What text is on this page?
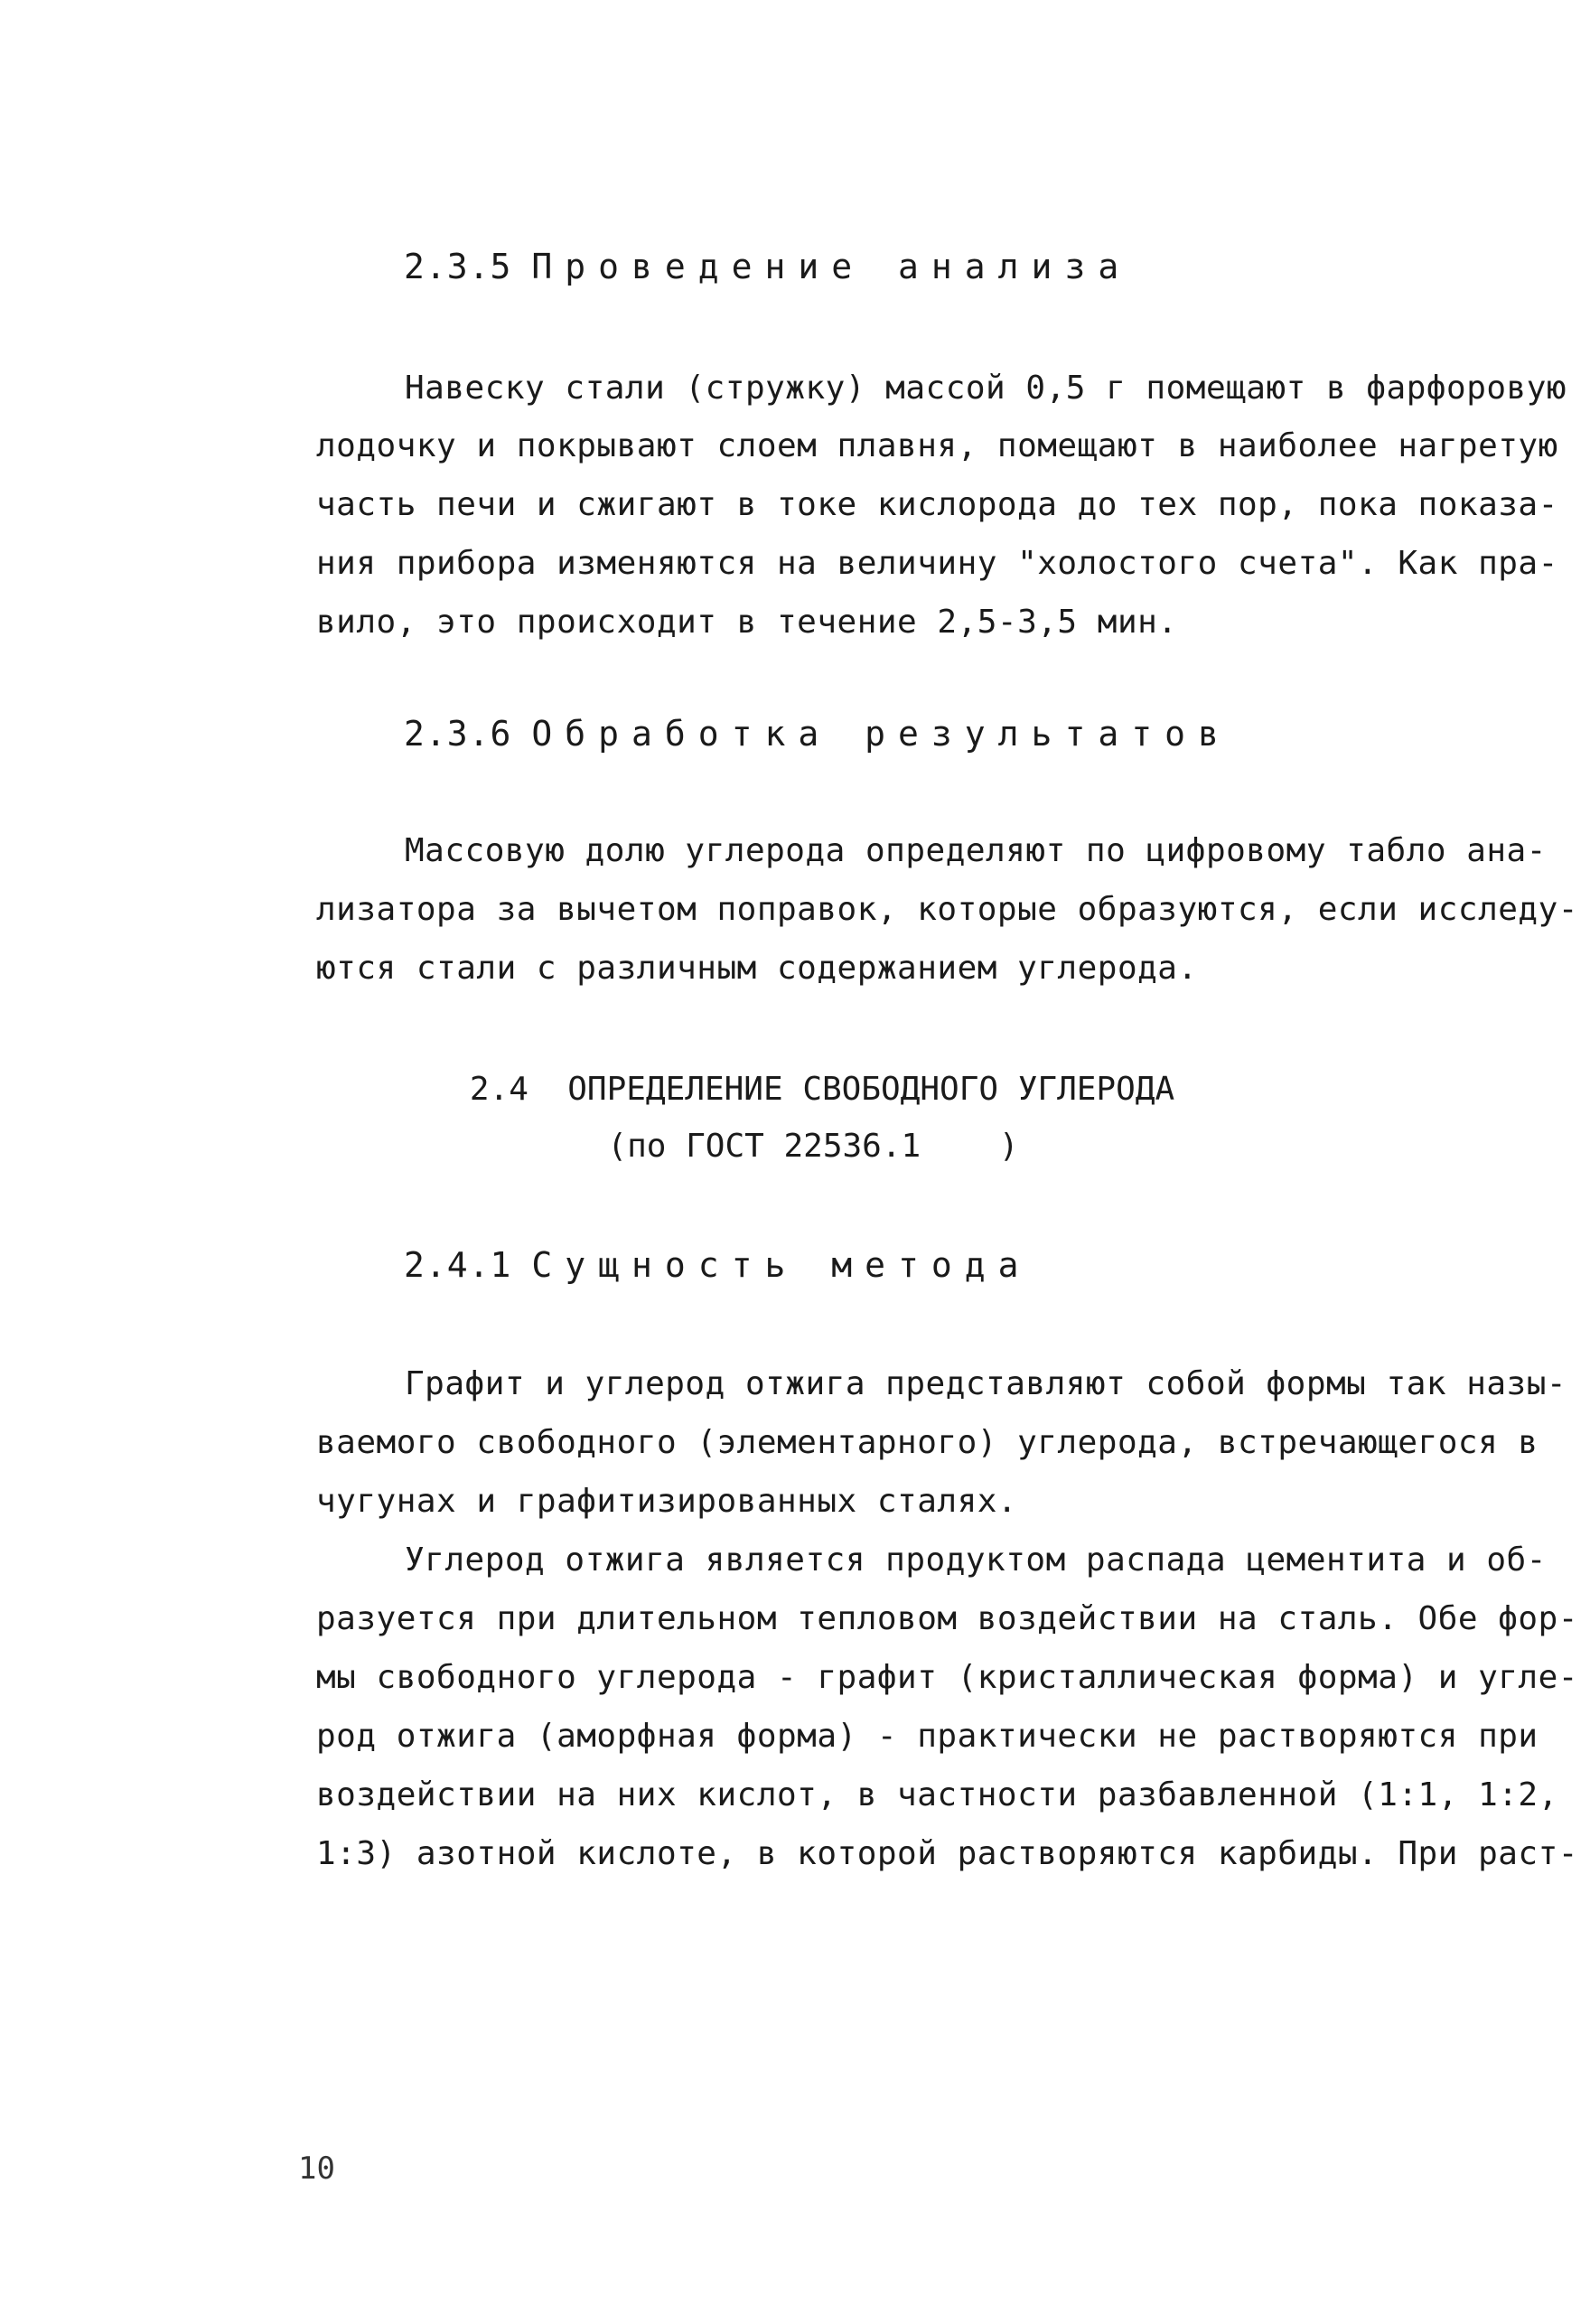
2.3.5 Проведение анализа
Навеску стали (стружку) массой 0,5 г помещают в фарфоровую
лодочку и покрывают слоем плавня, помещают в наиболее нагретую
часть печи и сжигают в токе кислорода до тех пор, пока показа-
ния прибора изменяются на величину "холостого счета". Как пра-
вило, это происходит в течение 2,5-3,5 мин.
2.3.6 Обработка результатов
Массовую долю углерода определяют по цифровому табло ана-
лизатора за вычетом поправок, которые образуются, если исследу-
ются стали с различным содержанием углерода.
2.4  ОПРЕДЕЛЕНИЕ СВОБОДНОГО УГЛЕРОДА
(по ГОСТ 22536.1    )
2.4.1 Сущность метода
Графит и углерод отжига представляют собой формы так назы-
ваемого свободного (элементарного) углерода, встречающегося в
чугунах и графитизированных сталях.
Углерод отжига является продуктом распада цементита и об-
разуется при длительном тепловом воздействии на сталь. Обе фор-
мы свободного углерода - графит (кристаллическая форма) и угле-
род отжига (аморфная форма) - практически не растворяются при
воздействии на них кислот, в частности разбавленной (1:1, 1:2,
1:3) азотной кислоте, в которой растворяются карбиды. При раст-
10
